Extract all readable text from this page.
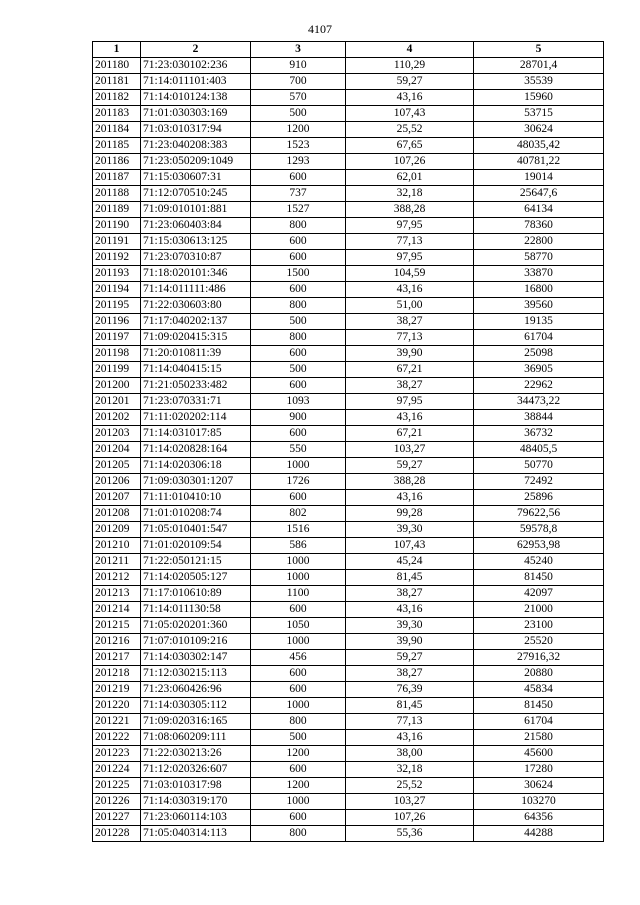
4107
1	2	3	4	5
201180	71:23:030102:236	910	110,29	28701,4
201181	71:14:011101:403	700	59,27	35539
201182	71:14:010124:138	570	43,16	15960
201183	71:01:030303:169	500	107,43	53715
201184	71:03:010317:94	1200	25,52	30624
201185	71:23:040208:383	1523	67,65	48035,42
201186	71:23:050209:1049	1293	107,26	40781,22
201187	71:15:030607:31	600	62,01	19014
201188	71:12:070510:245	737	32,18	25647,6
201189	71:09:010101:881	1527	388,28	64134
201190	71:23:060403:84	800	97,95	78360
201191	71:15:030613:125	600	77,13	22800
201192	71:23:070310:87	600	97,95	58770
201193	71:18:020101:346	1500	104,59	33870
201194	71:14:011111:486	600	43,16	16800
201195	71:22:030603:80	800	51,00	39560
201196	71:17:040202:137	500	38,27	19135
201197	71:09:020415:315	800	77,13	61704
201198	71:20:010811:39	600	39,90	25098
201199	71:14:040415:15	500	67,21	36905
201200	71:21:050233:482	600	38,27	22962
201201	71:23:070331:71	1093	97,95	34473,22
201202	71:11:020202:114	900	43,16	38844
201203	71:14:031017:85	600	67,21	36732
201204	71:14:020828:164	550	103,27	48405,5
201205	71:14:020306:18	1000	59,27	50770
201206	71:09:030301:1207	1726	388,28	72492
201207	71:11:010410:10	600	43,16	25896
201208	71:01:010208:74	802	99,28	79622,56
201209	71:05:010401:547	1516	39,30	59578,8
201210	71:01:020109:54	586	107,43	62953,98
201211	71:22:050121:15	1000	45,24	45240
201212	71:14:020505:127	1000	81,45	81450
201213	71:17:010610:89	1100	38,27	42097
201214	71:14:011130:58	600	43,16	21000
201215	71:05:020201:360	1050	39,30	23100
201216	71:07:010109:216	1000	39,90	25520
201217	71:14:030302:147	456	59,27	27916,32
201218	71:12:030215:113	600	38,27	20880
201219	71:23:060426:96	600	76,39	45834
201220	71:14:030305:112	1000	81,45	81450
201221	71:09:020316:165	800	77,13	61704
201222	71:08:060209:111	500	43,16	21580
201223	71:22:030213:26	1200	38,00	45600
201224	71:12:020326:607	600	32,18	17280
201225	71:03:010317:98	1200	25,52	30624
201226	71:14:030319:170	1000	103,27	103270
201227	71:23:060114:103	600	107,26	64356
201228	71:05:040314:113	800	55,36	44288
